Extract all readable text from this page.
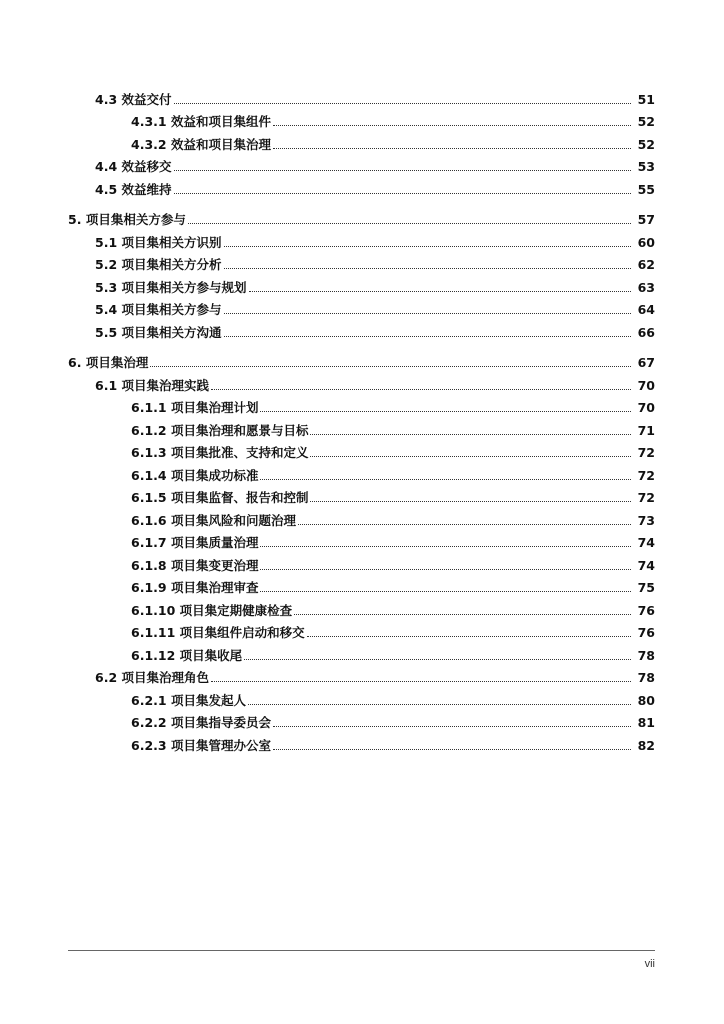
4.3 效益交付	51
4.3.1 效益和项目集组件	52
4.3.2 效益和项目集治理	52
4.4 效益移交	53
4.5 效益维持	55
5. 项目集相关方参与	57
5.1 项目集相关方识别	60
5.2 项目集相关方分析	62
5.3 项目集相关方参与规划	63
5.4 项目集相关方参与	64
5.5 项目集相关方沟通	66
6. 项目集治理	67
6.1 项目集治理实践	70
6.1.1 项目集治理计划	70
6.1.2 项目集治理和愿景与目标	71
6.1.3 项目集批准、支持和定义	72
6.1.4 项目集成功标准	72
6.1.5 项目集监督、报告和控制	72
6.1.6 项目集风险和问题治理	73
6.1.7 项目集质量治理	74
6.1.8 项目集变更治理	74
6.1.9 项目集治理审查	75
6.1.10 项目集定期健康检查	76
6.1.11 项目集组件启动和移交	76
6.1.12 项目集收尾	78
6.2 项目集治理角色	78
6.2.1 项目集发起人	80
6.2.2 项目集指导委员会	81
6.2.3 项目集管理办公室	82
vii
